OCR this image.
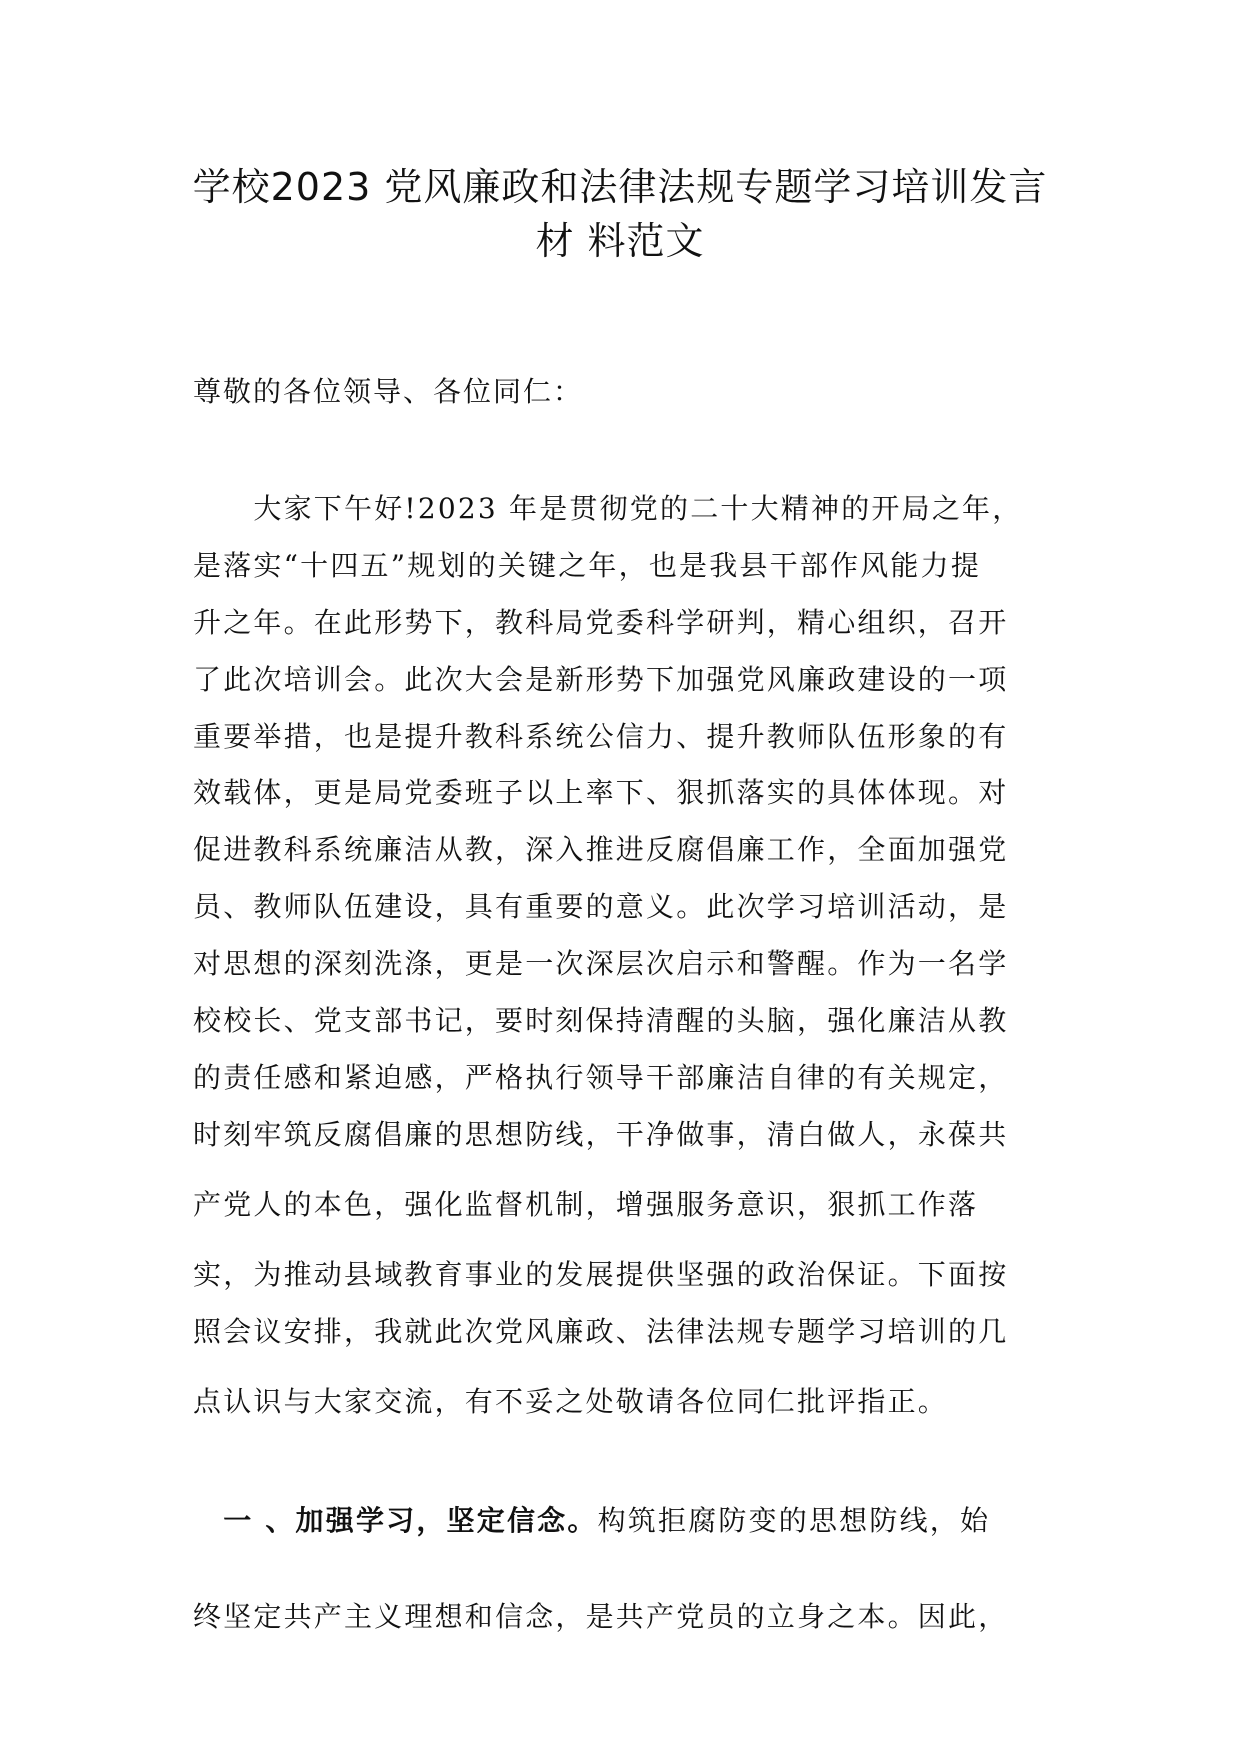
学校2023 党风廉政和法律法规专题学习培训发言
材 料范文
尊敬的各位领导、各位同仁：
　　大家下午好!2023 年是贯彻党的二十大精神的开局之年，
是落实“十四五”规划的关键之年，也是我县干部作风能力提
升之年。在此形势下，教科局党委科学研判，精心组织，召开
了此次培训会。此次大会是新形势下加强党风廉政建设的一项
重要举措，也是提升教科系统公信力、提升教师队伍形象的有
效载体，更是局党委班子以上率下、狠抓落实的具体体现。对
促进教科系统廉洁从教，深入推进反腐倡廉工作，全面加强党
员、教师队伍建设，具有重要的意义。此次学习培训活动，是
对思想的深刻洗涤，更是一次深层次启示和警醒。作为一名学
校校长、党支部书记，要时刻保持清醒的头脑，强化廉洁从教
的责任感和紧迫感，严格执行领导干部廉洁自律的有关规定，
时刻牢筑反腐倡廉的思想防线，干净做事，清白做人，永葆共
产党人的本色，强化监督机制，增强服务意识，狠抓工作落
实，为推动县域教育事业的发展提供坚强的政治保证。下面按
照会议安排，我就此次党风廉政、法律法规专题学习培训的几
点认识与大家交流，有不妥之处敬请各位同仁批评指正。
　一 、加强学习，坚定信念。构筑拒腐防变的思想防线，始
终坚定共产主义理想和信念，是共产党员的立身之本。因此，
